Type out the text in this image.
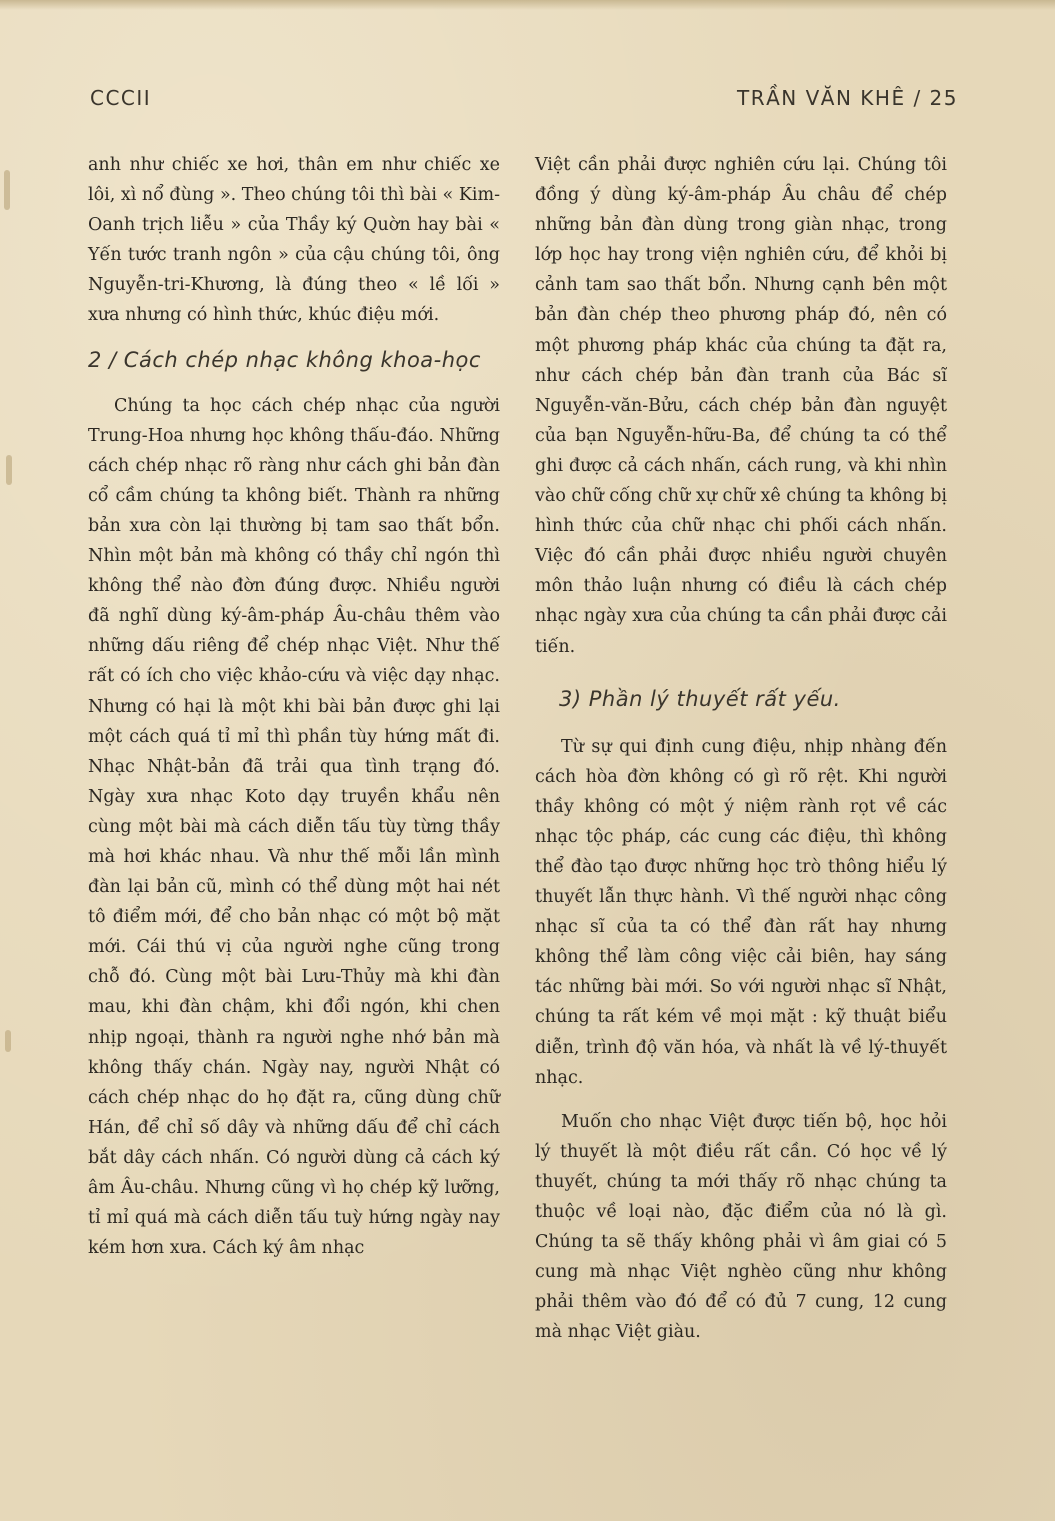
CCCII	TRẦN VĂN KHÊ / 25

anh như chiếc xe hơi, thân em như chiếc xe lôi, xì nổ đùng ». Theo chúng tôi thì bài « Kim-Oanh trịch liễu » của Thầy ký Quờn hay bài « Yến tước tranh ngôn » của cậu chúng tôi, ông Nguyễn-tri-Khương, là đúng theo « lề lối » xưa nhưng có hình thức, khúc điệu mới.

2 / Cách chép nhạc không khoa-học

Chúng ta học cách chép nhạc của người Trung-Hoa nhưng học không thấu-đáo. Những cách chép nhạc rõ ràng như cách ghi bản đàn cổ cầm chúng ta không biết. Thành ra những bản xưa còn lại thường bị tam sao thất bổn. Nhìn một bản mà không có thầy chỉ ngón thì không thể nào đờn đúng được. Nhiều người đã nghĩ dùng ký-âm-pháp Âu-châu thêm vào những dấu riêng để chép nhạc Việt. Như thế rất có ích cho việc khảo-cứu và việc dạy nhạc. Nhưng có hại là một khi bài bản được ghi lại một cách quá tỉ mỉ thì phần tùy hứng mất đi. Nhạc Nhật-bản đã trải qua tình trạng đó. Ngày xưa nhạc Koto dạy truyền khẩu nên cùng một bài mà cách diễn tấu tùy từng thầy mà hơi khác nhau. Và như thế mỗi lần mình đàn lại bản cũ, mình có thể dùng một hai nét tô điểm mới, để cho bản nhạc có một bộ mặt mới. Cái thú vị của người nghe cũng trong chỗ đó. Cùng một bài Lưu-Thủy mà khi đàn mau, khi đàn chậm, khi đổi ngón, khi chen nhịp ngoại, thành ra người nghe nhớ bản mà không thấy chán. Ngày nay, người Nhật có cách chép nhạc do họ đặt ra, cũng dùng chữ Hán, để chỉ số dây và những dấu để chỉ cách bắt dây cách nhấn. Có người dùng cả cách ký âm Âu-châu. Nhưng cũng vì họ chép kỹ lưỡng, tỉ mỉ quá mà cách diễn tấu tuỳ hứng ngày nay kém hơn xưa. Cách ký âm nhạc

Việt cần phải được nghiên cứu lại. Chúng tôi đồng ý dùng ký-âm-pháp Âu châu để chép những bản đàn dùng trong giàn nhạc, trong lớp học hay trong viện nghiên cứu, để khỏi bị cảnh tam sao thất bổn. Nhưng cạnh bên một bản đàn chép theo phương pháp đó, nên có một phương pháp khác của chúng ta đặt ra, như cách chép bản đàn tranh của Bác sĩ Nguyễn-văn-Bửu, cách chép bản đàn nguyệt của bạn Nguyễn-hữu-Ba, để chúng ta có thể ghi được cả cách nhấn, cách rung, và khi nhìn vào chữ cống chữ xự chữ xê chúng ta không bị hình thức của chữ nhạc chi phối cách nhấn. Việc đó cần phải được nhiều người chuyên môn thảo luận nhưng có điều là cách chép nhạc ngày xưa của chúng ta cần phải được cải tiến.

3) Phần lý thuyết rất yếu.

Từ sự qui định cung điệu, nhịp nhàng đến cách hòa đờn không có gì rõ rệt. Khi người thầy không có một ý niệm rành rọt về các nhạc tộc pháp, các cung các điệu, thì không thể đào tạo được những học trò thông hiểu lý thuyết lẫn thực hành. Vì thế người nhạc công nhạc sĩ của ta có thể đàn rất hay nhưng không thể làm công việc cải biên, hay sáng tác những bài mới. So với người nhạc sĩ Nhật, chúng ta rất kém về mọi mặt : kỹ thuật biểu diễn, trình độ văn hóa, và nhất là về lý-thuyết nhạc.

Muốn cho nhạc Việt được tiến bộ, học hỏi lý thuyết là một điều rất cần. Có học về lý thuyết, chúng ta mới thấy rõ nhạc chúng ta thuộc về loại nào, đặc điểm của nó là gì. Chúng ta sẽ thấy không phải vì âm giai có 5 cung mà nhạc Việt nghèo cũng như không phải thêm vào đó để có đủ 7 cung, 12 cung mà nhạc Việt giàu.
